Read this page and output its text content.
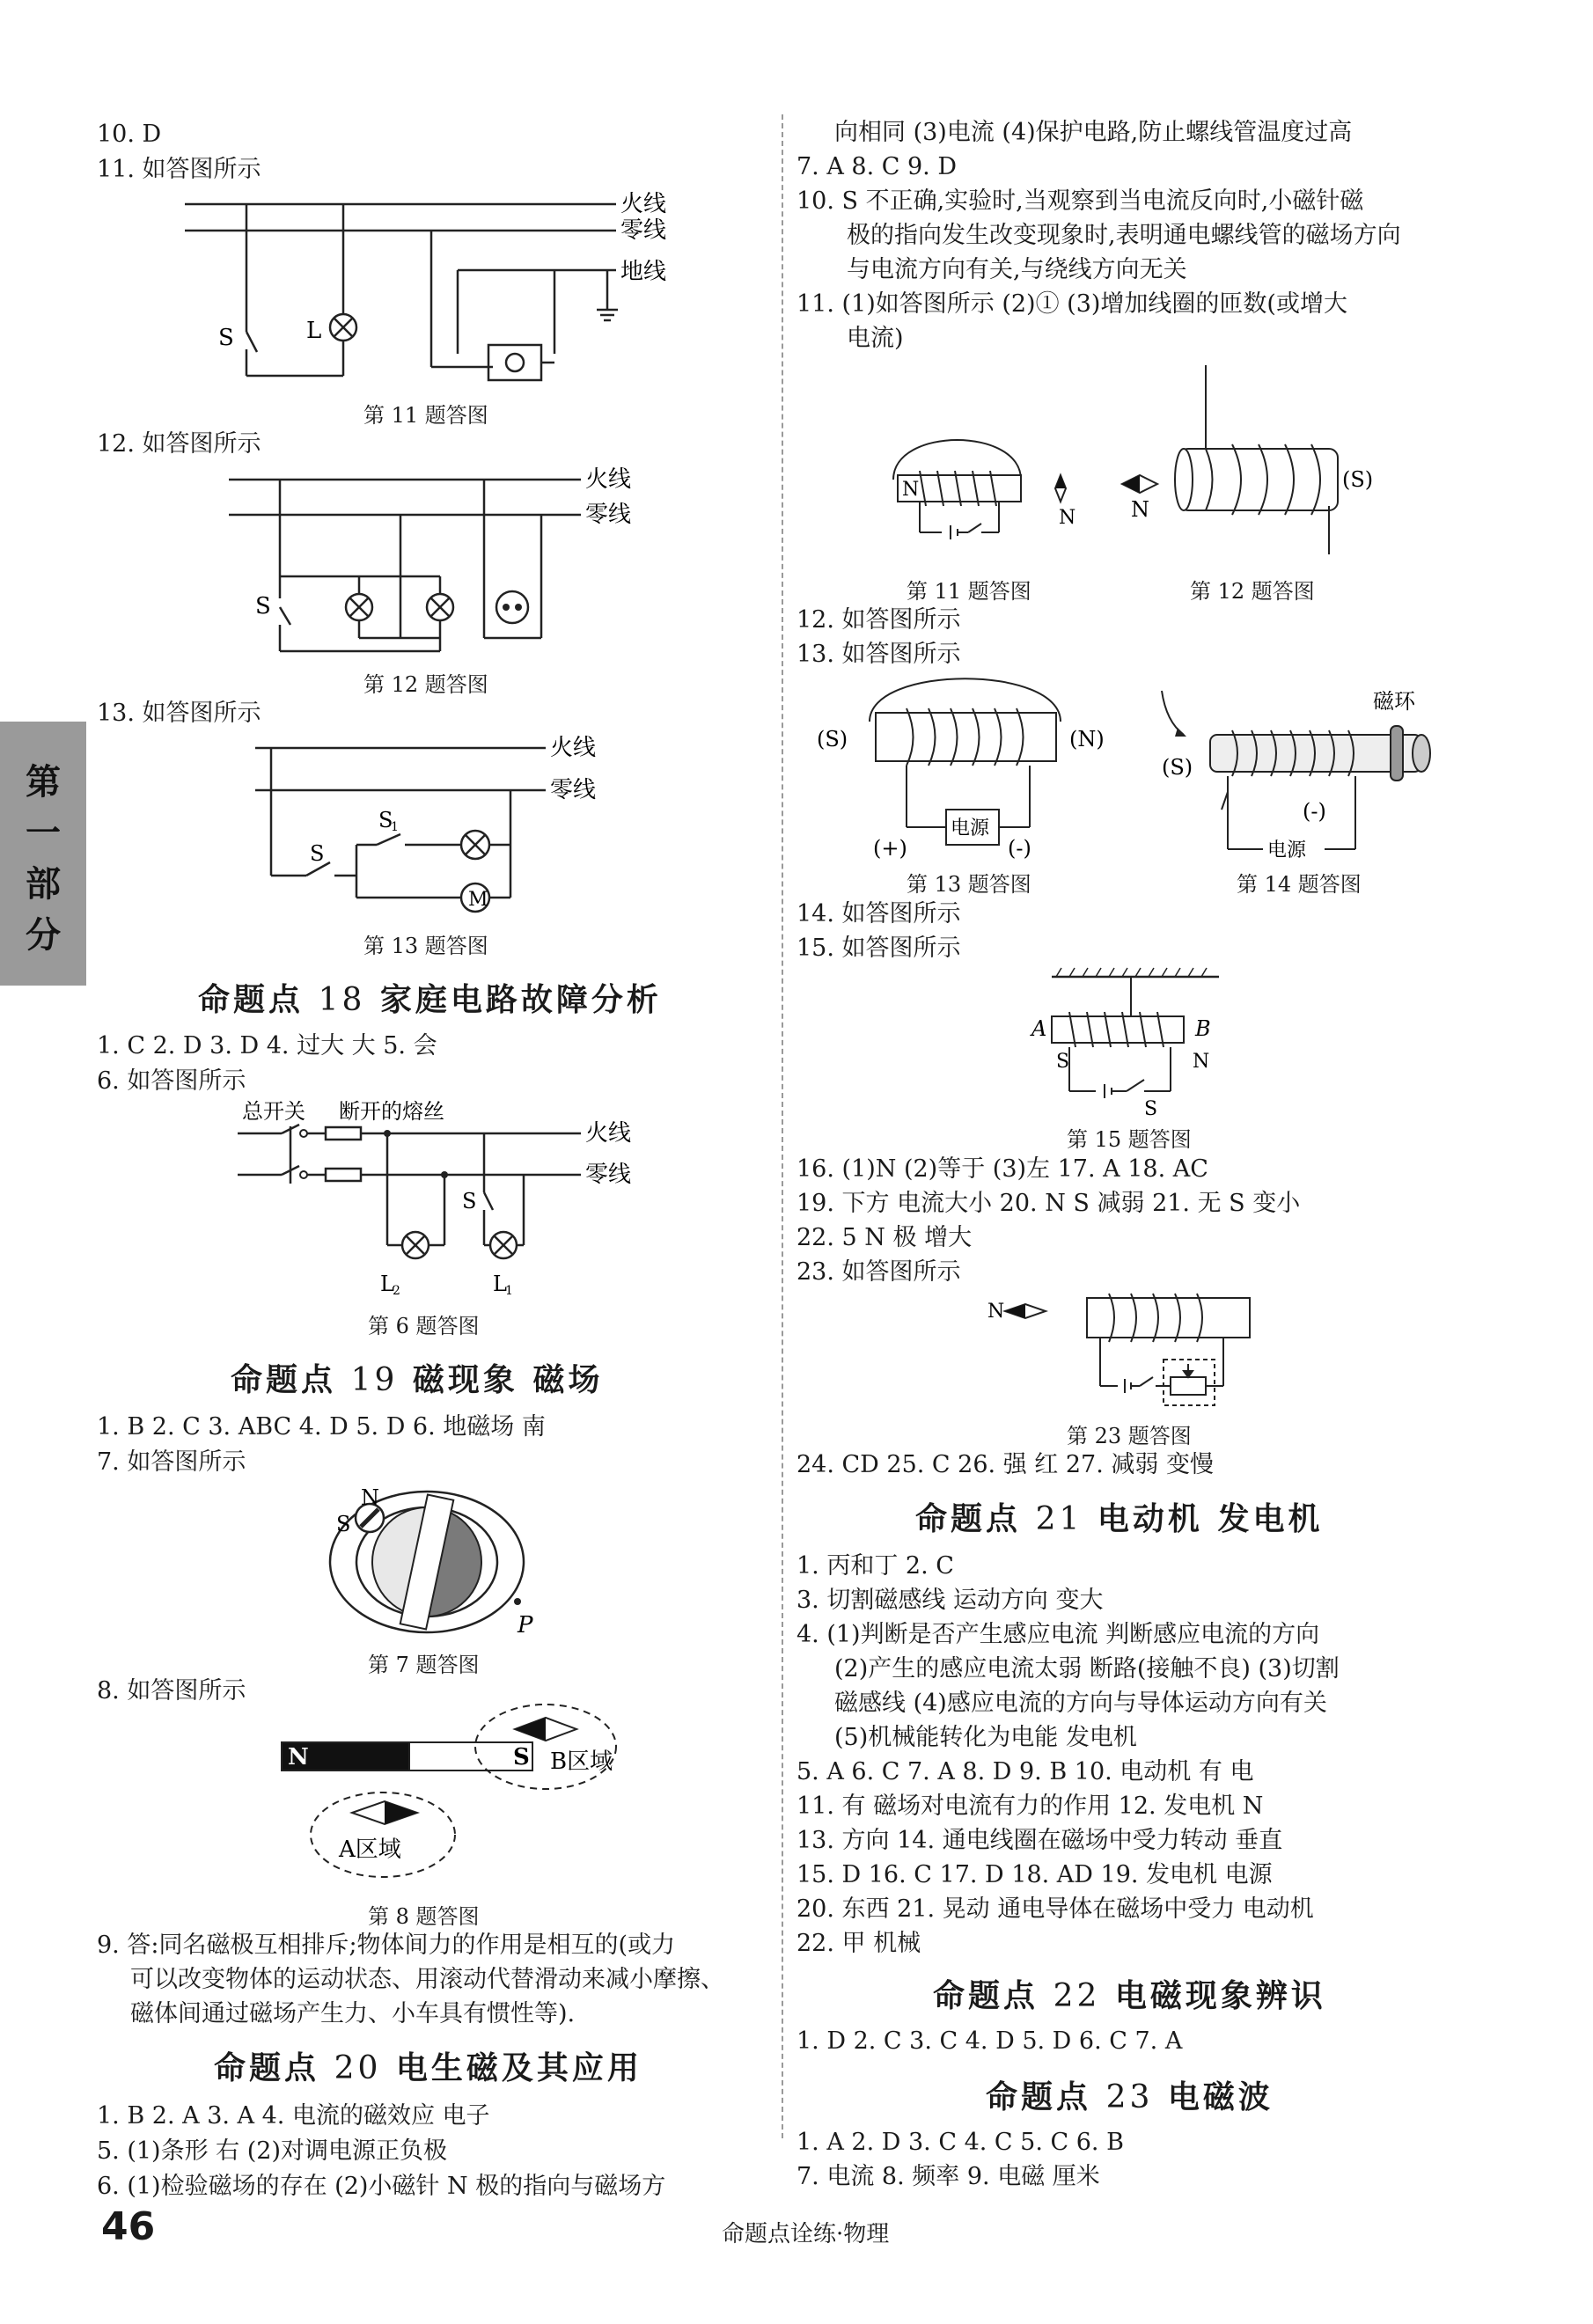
第
一
部
分
10. D
11. 如答图所示
火线
零线
地线
S	L
第 11 题答图
12. 如答图所示
火线
零线
S
第 12 题答图
13. 如答图所示
火线
零线
S
S
1
M
第 13 题答图
命题点 18 家庭电路故障分析
1. C 2. D 3. D 4. 过大 大 5. 会
6. 如答图所示
总开关 断开的熔丝
火线
零线
S
L
2	L
1
第 6 题答图
命题点 19 磁现象 磁场
1. B 2. C 3. ABC 4. D 5. D 6. 地磁场 南
7. 如答图所示
N
S
P
第 7 题答图
8. 如答图所示
N	S B区域
A区域
第 8 题答图
9. 答:同名磁极互相排斥;物体间力的作用是相互的(或力
可以改变物体的运动状态、用滚动代替滑动来减小摩擦、
磁体间通过磁场产生力、小车具有惯性等).
命题点 20 电生磁及其应用
1. B 2. A 3. A 4. 电流的磁效应 电子
5. (1)条形 右 (2)对调电源正负极
6. (1)检验磁场的存在 (2)小磁针 N 极的指向与磁场方
向相同 (3)电流 (4)保护电路,防止螺线管温度过高
7. A 8. C 9. D
10. S 不正确,实验时,当观察到当电流反向时,小磁针磁
极的指向发生改变现象时,表明通电螺线管的磁场方向
与电流方向有关,与绕线方向无关
11. (1)如答图所示 (2)① (3)增加线圈的匝数(或增大
电流)
N
N
第 11 题答图
N
(S)
第 12 题答图
12. 如答图所示
13. 如答图所示
(S)	(N)
电源
(+)	(-)
第 13 题答图
磁环
(S)
(-)
电源
第 14 题答图
14. 如答图所示
15. 如答图所示
A	B
S	N
S
第 15 题答图
16. (1)N (2)等于 (3)左 17. A 18. AC
19. 下方 电流大小 20. N S 减弱 21. 无 S 变小
22. 5 N 极 增大
23. 如答图所示
N
第 23 题答图
24. CD 25. C 26. 强 红 27. 减弱 变慢
命题点 21 电动机 发电机
1. 丙和丁 2. C
3. 切割磁感线 运动方向 变大
4. (1)判断是否产生感应电流 判断感应电流的方向
(2)产生的感应电流太弱 断路(接触不良) (3)切割
磁感线 (4)感应电流的方向与导体运动方向有关
(5)机械能转化为电能 发电机
5. A 6. C 7. A 8. D 9. B 10. 电动机 有 电
11. 有 磁场对电流有力的作用 12. 发电机 N
13. 方向 14. 通电线圈在磁场中受力转动 垂直
15. D 16. C 17. D 18. AD 19. 发电机 电源
20. 东西 21. 晃动 通电导体在磁场中受力 电动机
22. 甲 机械
命题点 22 电磁现象辨识
1. D 2. C 3. C 4. D 5. D 6. C 7. A
命题点 23 电磁波
1. A 2. D 3. C 4. C 5. C 6. B
7. 电流 8. 频率 9. 电磁 厘米
46	命题点诠练·物理
